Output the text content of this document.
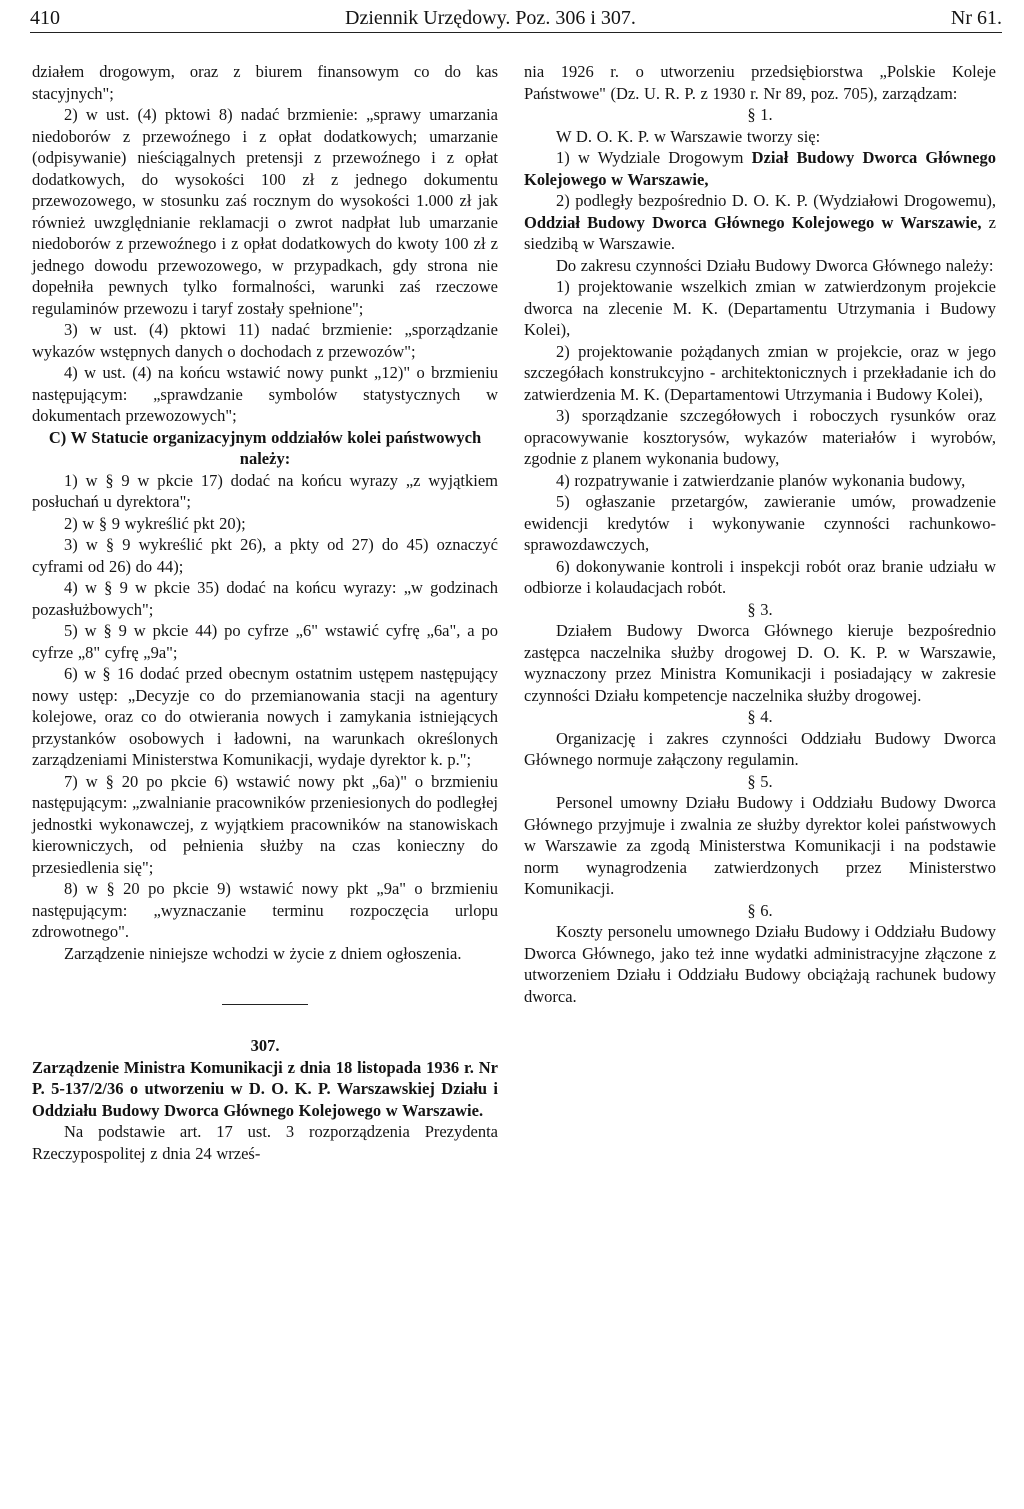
410	Dziennik Urzędowy. Poz. 306 i 307.	Nr 61.

działem drogowym, oraz z biurem finansowym co do kas stacyjnych";

2) w ust. (4) pktowi 8) nadać brzmienie: „sprawy umarzania niedoborów z przewoźnego i z opłat dodatkowych; umarzanie (odpisywanie) nieściągalnych pretensji z przewoźnego i z opłat dodatkowych, do wysokości 100 zł z jednego dokumentu przewozowego, w stosunku zaś rocznym do wysokości 1.000 zł jak również uwzględnianie reklamacji o zwrot nadpłat lub umarzanie niedoborów z przewoźnego i z opłat dodatkowych do kwoty 100 zł z jednego dowodu przewozowego, w przypadkach, gdy strona nie dopełniła pewnych tylko formalności, warunki zaś rzeczowe regulaminów przewozu i taryf zostały spełnione";

3) w ust. (4) pktowi 11) nadać brzmienie: „sporządzanie wykazów wstępnych danych o dochodach z przewozów";

4) w ust. (4) na końcu wstawić nowy punkt „12)" o brzmieniu następującym: „sprawdzanie symbolów statystycznych w dokumentach przewozowych";

C) W Statucie organizacyjnym oddziałów kolei państwowych należy:

1) w § 9 w pkcie 17) dodać na końcu wyrazy „z wyjątkiem posłuchań u dyrektora";

2) w § 9 wykreślić pkt 20);

3) w § 9 wykreślić pkt 26), a pkty od 27) do 45) oznaczyć cyframi od 26) do 44);

4) w § 9 w pkcie 35) dodać na końcu wyrazy: „w godzinach pozasłużbowych";

5) w § 9 w pkcie 44) po cyfrze „6" wstawić cyfrę „6a", a po cyfrze „8" cyfrę „9a";

6) w § 16 dodać przed obecnym ostatnim ustępem następujący nowy ustęp: „Decyzje co do przemianowania stacji na agentury kolejowe, oraz co do otwierania nowych i zamykania istniejących przystanków osobowych i ładowni, na warunkach określonych zarządzeniami Ministerstwa Komunikacji, wydaje dyrektor k. p.";

7) w § 20 po pkcie 6) wstawić nowy pkt „6a)" o brzmieniu następującym: „zwalnianie pracowników przeniesionych do podległej jednostki wykonawczej, z wyjątkiem pracowników na stanowiskach kierowniczych, od pełnienia służby na czas konieczny do przesiedlenia się";

8) w § 20 po pkcie 9) wstawić nowy pkt „9a" o brzmieniu następującym: „wyznaczanie terminu rozpoczęcia urlopu zdrowotnego".

Zarządzenie niniejsze wchodzi w życie z dniem ogłoszenia.

307.

Zarządzenie Ministra Komunikacji z dnia 18 listopada 1936 r. Nr P. 5-137/2/36 o utworzeniu w D. O. K. P. Warszawskiej Działu i Oddziału Budowy Dworca Głównego Kolejowego w Warszawie.

Na podstawie art. 17 ust. 3 rozporządzenia Prezydenta Rzeczypospolitej z dnia 24 wrześ-

nia 1926 r. o utworzeniu przedsiębiorstwa „Polskie Koleje Państwowe" (Dz. U. R. P. z 1930 r. Nr 89, poz. 705), zarządzam:

§ 1.

W D. O. K. P. w Warszawie tworzy się:

1) w Wydziale Drogowym Dział Budowy Dworca Głównego Kolejowego w Warszawie,

2) podległy bezpośrednio D. O. K. P. (Wydziałowi Drogowemu), Oddział Budowy Dworca Głównego Kolejowego w Warszawie, z siedzibą w Warszawie.

Do zakresu czynności Działu Budowy Dworca Głównego należy:

1) projektowanie wszelkich zmian w zatwierdzonym projekcie dworca na zlecenie M. K. (Departamentu Utrzymania i Budowy Kolei),

2) projektowanie pożądanych zmian w projekcie, oraz w jego szczegółach konstrukcyjno - architektonicznych i przekładanie ich do zatwierdzenia M. K. (Departamentowi Utrzymania i Budowy Kolei),

3) sporządzanie szczegółowych i roboczych rysunków oraz opracowywanie kosztorysów, wykazów materiałów i wyrobów, zgodnie z planem wykonania budowy,

4) rozpatrywanie i zatwierdzanie planów wykonania budowy,

5) ogłaszanie przetargów, zawieranie umów, prowadzenie ewidencji kredytów i wykonywanie czynności rachunkowo-sprawozdawczych,

6) dokonywanie kontroli i inspekcji robót oraz branie udziału w odbiorze i kolaudacjach robót.

§ 3.

Działem Budowy Dworca Głównego kieruje bezpośrednio zastępca naczelnika służby drogowej D. O. K. P. w Warszawie, wyznaczony przez Ministra Komunikacji i posiadający w zakresie czynności Działu kompetencje naczelnika służby drogowej.

§ 4.

Organizację i zakres czynności Oddziału Budowy Dworca Głównego normuje załączony regulamin.

§ 5.

Personel umowny Działu Budowy i Oddziału Budowy Dworca Głównego przyjmuje i zwalnia ze służby dyrektor kolei państwowych w Warszawie za zgodą Ministerstwa Komunikacji i na podstawie norm wynagrodzenia zatwierdzonych przez Ministerstwo Komunikacji.

§ 6.

Koszty personelu umownego Działu Budowy i Oddziału Budowy Dworca Głównego, jako też inne wydatki administracyjne złączone z utworzeniem Działu i Oddziału Budowy obciążają rachunek budowy dworca.
